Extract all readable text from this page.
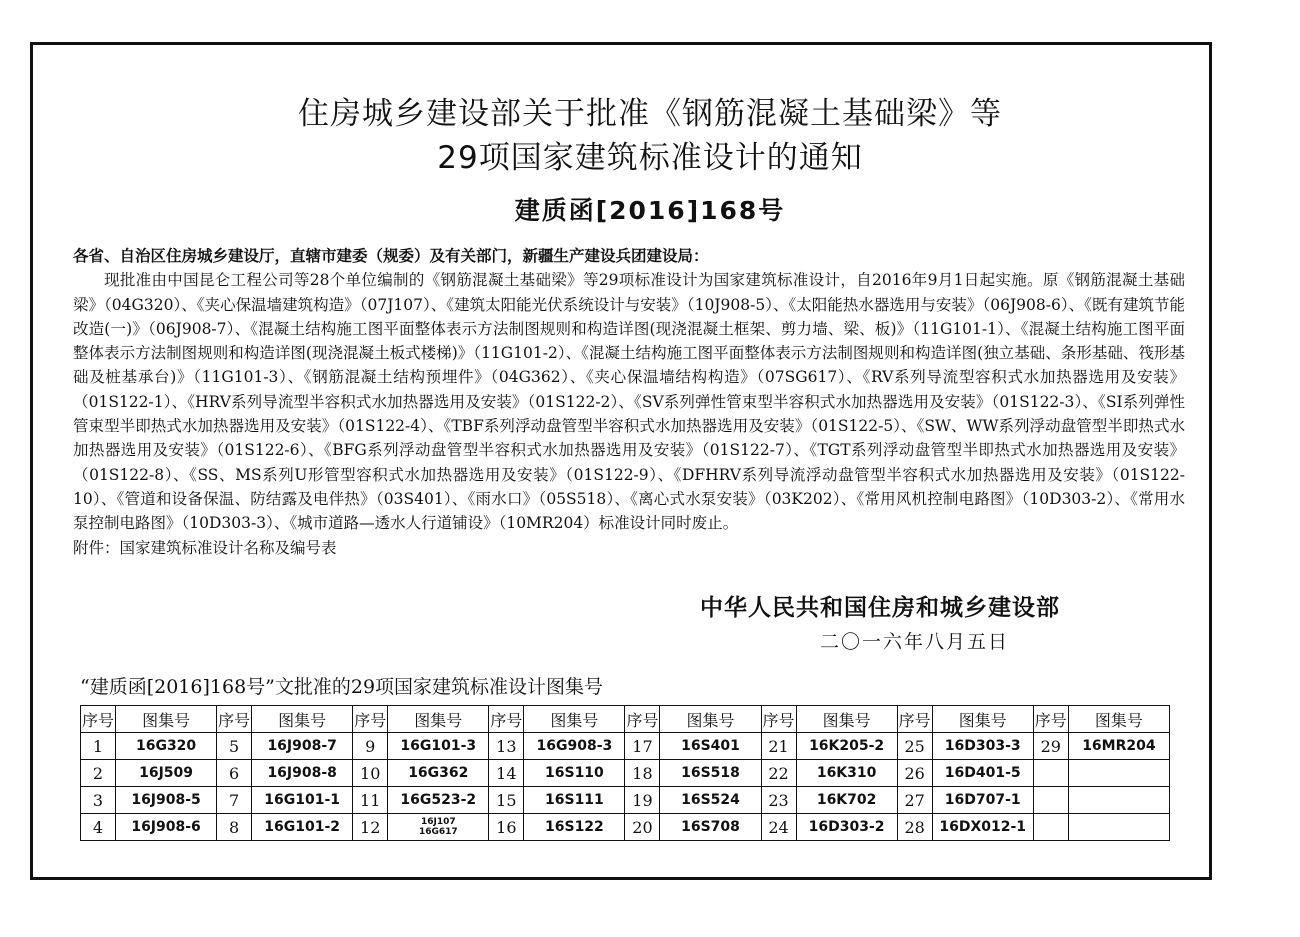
住房城乡建设部关于批准《钢筋混凝土基础梁》等
29项国家建筑标准设计的通知
建质函[2016]168号

各省、自治区住房城乡建设厅，直辖市建委（规委）及有关部门，新疆生产建设兵团建设局：

现批准由中国昆仑工程公司等28个单位编制的《钢筋混凝土基础梁》等29项标准设计为国家建筑标准设计，自2016年9月1日起实施。原《钢筋混凝土基础梁》（04G320）、《夹心保温墙建筑构造》（07J107）、《建筑太阳能光伏系统设计与安装》（10J908-5）、《太阳能热水器选用与安装》（06J908-6）、《既有建筑节能改造(一)》（06J908-7）、《混凝土结构施工图平面整体表示方法制图规则和构造详图(现浇混凝土框架、剪力墙、梁、板)》（11G101-1）、《混凝土结构施工图平面整体表示方法制图规则和构造详图(现浇混凝土板式楼梯)》（11G101-2）、《混凝土结构施工图平面整体表示方法制图规则和构造详图(独立基础、条形基础、筏形基础及桩基承台)》（11G101-3）、《钢筋混凝土结构预埋件》（04G362）、《夹心保温墙结构构造》（07SG617）、《RV系列导流型容积式水加热器选用及安装》（01S122-1）、《HRV系列导流型半容积式水加热器选用及安装》（01S122-2）、《SV系列弹性管束型半容积式水加热器选用及安装》（01S122-3）、《SI系列弹性管束型半即热式水加热器选用及安装》（01S122-4）、《TBF系列浮动盘管型半容积式水加热器选用及安装》（01S122-5）、《SW、WW系列浮动盘管型半即热式水加热器选用及安装》（01S122-6）、《BFG系列浮动盘管型半容积式水加热器选用及安装》（01S122-7）、《TGT系列浮动盘管型半即热式水加热器选用及安装》（01S122-8）、《SS、MS系列U形管型容积式水加热器选用及安装》（01S122-9）、《DFHRV系列导流浮动盘管型半容积式水加热器选用及安装》（01S122-10）、《管道和设备保温、防结露及电伴热》（03S401）、《雨水口》（05S518）、《离心式水泵安装》（03K202）、《常用风机控制电路图》（10D303-2）、《常用水泵控制电路图》（10D303-3）、《城市道路—透水人行道铺设》（10MR204）标准设计同时废止。

附件：国家建筑标准设计名称及编号表

中华人民共和国住房和城乡建设部
二〇一六年八月五日
“建质函[2016]168号”文批准的29项国家建筑标准设计图集号
序号	图集号	序号	图集号	序号	图集号	序号	图集号	序号	图集号	序号	图集号	序号	图集号	序号	图集号
1	16G320	5	16J908-7	9	16G101-3	13	16G908-3	17	16S401	21	16K205-2	25	16D303-3	29	16MR204
2	16J509	6	16J908-8	10	16G362	14	16S110	18	16S518	22	16K310	26	16D401-5		
3	16J908-5	7	16G101-1	11	16G523-2	15	16S111	19	16S524	23	16K702	27	16D707-1		
4	16J908-6	8	16G101-2	12	16J107
16G617	16	16S122	20	16S708	24	16D303-2	28	16DX012-1		
